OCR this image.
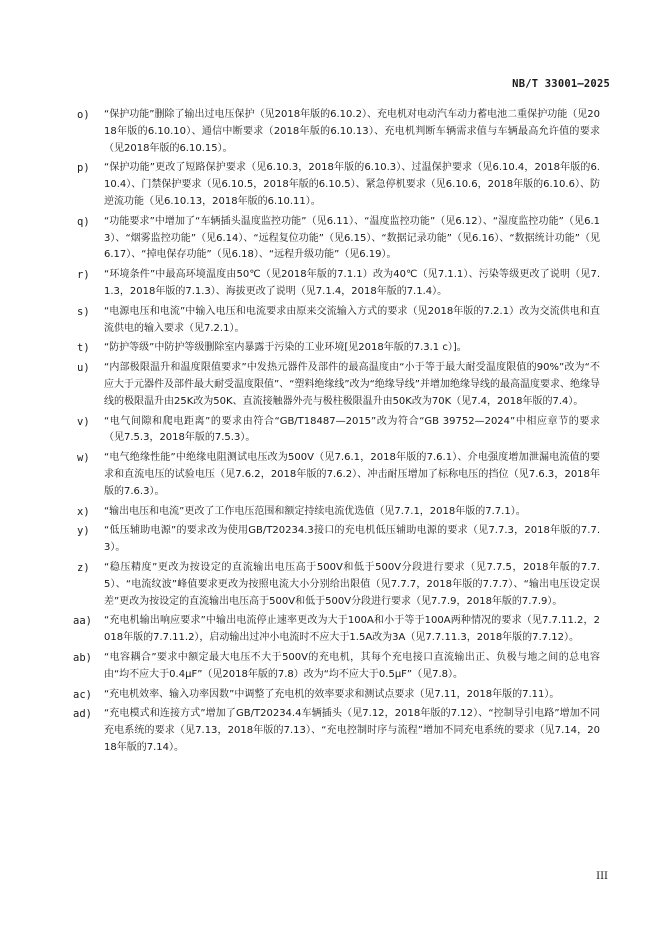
NB/T 33001—2025
o) “保护功能”删除了输出过电压保护（见2018年版的6.10.2）、充电机对电动汽车动力蓄电池二重保护功能（见2018年版的6.10.10）、通信中断要求（2018年版的6.10.13）、充电机判断车辆需求值与车辆最高允许值的要求（见2018年版的6.10.15）。
p) “保护功能”更改了短路保护要求（见6.10.3，2018年版的6.10.3）、过温保护要求（见6.10.4，2018年版的6.10.4）、门禁保护要求（见6.10.5，2018年版的6.10.5）、紧急停机要求（见6.10.6，2018年版的6.10.6）、防逆流功能（见6.10.13，2018年版的6.10.11）。
q) “功能要求”中增加了“车辆插头温度监控功能”（见6.11）、“温度监控功能”（见6.12）、“湿度监控功能”（见6.13）、“烟雾监控功能”（见6.14）、“远程复位功能”（见6.15）、“数据记录功能”（见6.16）、“数据统计功能”（见6.17）、“掉电保存功能”（见6.18）、“远程升级功能”（见6.19）。
r) “环境条件”中最高环境温度由50℃（见2018年版的7.1.1）改为40℃（见7.1.1）、污染等级更改了说明（见7.1.3，2018年版的7.1.3）、海拔更改了说明（见7.1.4，2018年版的7.1.4）。
s) “电源电压和电流”中输入电压和电流要求由原来交流输入方式的要求（见2018年版的7.2.1）改为交流供电和直流供电的输入要求（见7.2.1）。
t) “防护等级”中防护等级删除室内暴露于污染的工业环境[见2018年版的7.3.1 c）]。
u) “内部极限温升和温度限值要求”中发热元器件及部件的最高温度由“小于等于最大耐受温度限值的90%”改为“不应大于元器件及部件最大耐受温度限值”、“塑料绝缘线”改为“绝缘导线”并增加绝缘导线的最高温度要求、绝缘导线的极限温升由25K改为50K、直流接触器外壳与极柱极限温升由50K改为70K（见7.4，2018年版的7.4）。
v) “电气间隙和爬电距离”的要求由符合“GB/T18487—2015”改为符合“GB 39752—2024”中相应章节的要求（见7.5.3，2018年版的7.5.3）。
w) “电气绝缘性能”中绝缘电阻测试电压改为500V（见7.6.1，2018年版的7.6.1）、介电强度增加泄漏电流值的要求和直流电压的试验电压（见7.6.2，2018年版的7.6.2）、冲击耐压增加了标称电压的挡位（见7.6.3，2018年版的7.6.3）。
x) “输出电压和电流”更改了工作电压范围和额定持续电流优选值（见7.7.1，2018年版的7.7.1）。
y) “低压辅助电源”的要求改为使用GB/T20234.3接口的充电机低压辅助电源的要求（见7.7.3，2018年版的7.7.3）。
z) “稳压精度”更改为按设定的直流输出电压高于500V和低于500V分段进行要求（见7.7.5，2018年版的7.7.5）、“电流纹波”峰值要求更改为按照电流大小分别给出限值（见7.7.7，2018年版的7.7.7）、“输出电压设定误差”更改为按设定的直流输出电压高于500V和低于500V分段进行要求（见7.7.9，2018年版的7.7.9）。
aa) “充电机输出响应要求”中输出电流停止速率更改为大于100A和小于等于100A两种情况的要求（见7.7.11.2，2018年版的7.7.11.2），启动输出过冲小电流时不应大于1.5A改为3A（见7.7.11.3，2018年版的7.7.12）。
ab) “电容耦合”要求中额定最大电压不大于500V的充电机，其每个充电接口直流输出正、负极与地之间的总电容由“均不应大于0.4μF”（见2018年版的7.8）改为“均不应大于0.5μF”（见7.8）。
ac) “充电机效率、输入功率因数”中调整了充电机的效率要求和测试点要求（见7.11，2018年版的7.11）。
ad) “充电模式和连接方式”增加了GB/T20234.4车辆插头（见7.12，2018年版的7.12）、“控制导引电路”增加不同充电系统的要求（见7.13，2018年版的7.13）、“充电控制时序与流程”增加不同充电系统的要求（见7.14，2018年版的7.14）。
III
